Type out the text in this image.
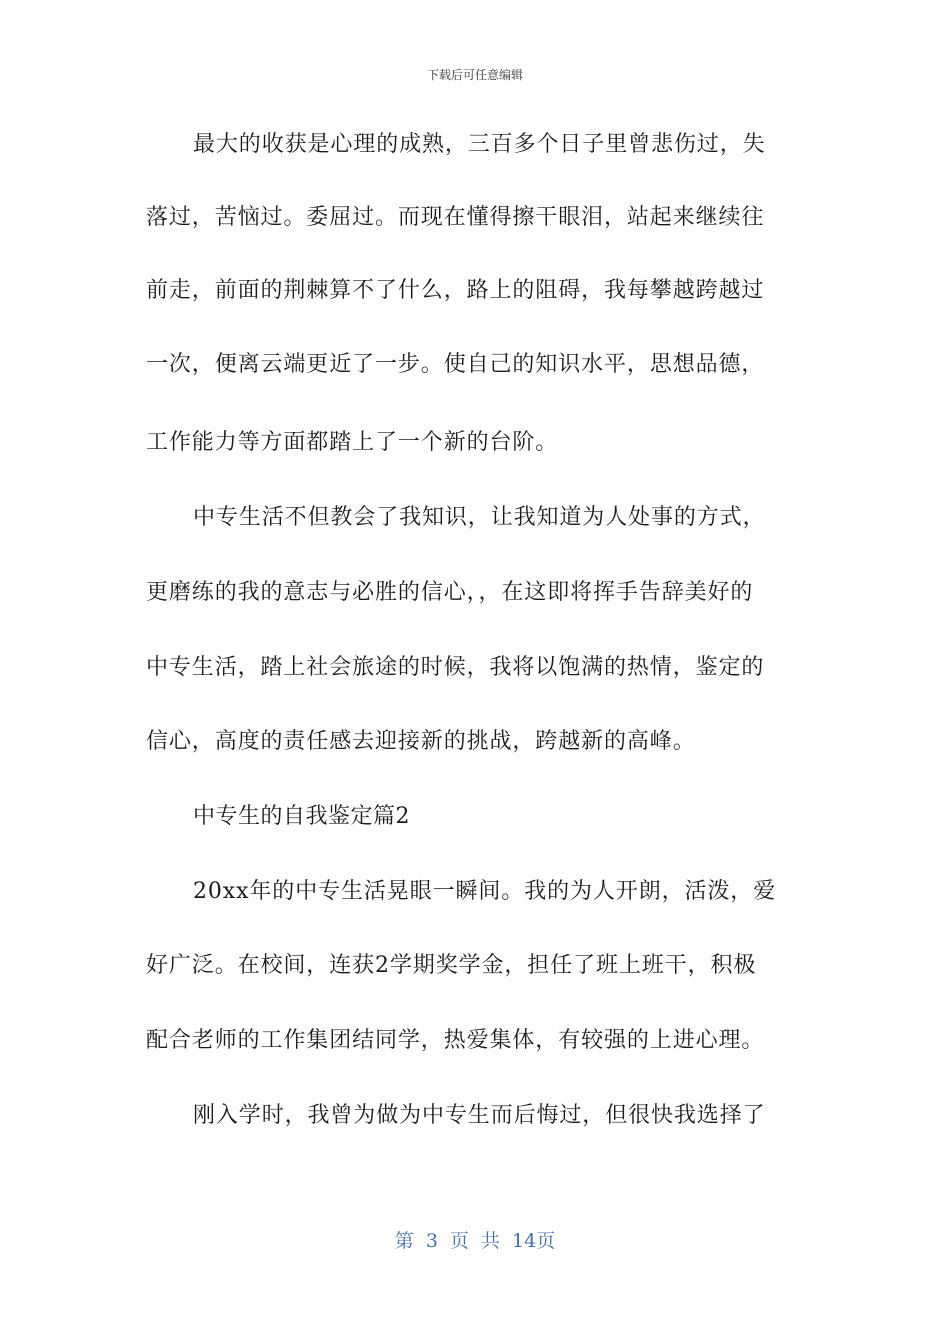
下载后可任意编辑
最大的收获是心理的成熟，三百多个日子里曾悲伤过，失
落过，苦恼过。委屈过。而现在懂得擦干眼泪，站起来继续往
前走，前面的荆棘算不了什么，路上的阻碍，我每攀越跨越过
一次，便离云端更近了一步。使自己的知识水平，思想品德，
工作能力等方面都踏上了一个新的台阶。
中专生活不但教会了我知识，让我知道为人处事的方式，
更磨练的我的意志与必胜的信心，，在这即将挥手告辞美好的
中专生活，踏上社会旅途的时候，我将以饱满的热情，鉴定的
信心，高度的责任感去迎接新的挑战，跨越新的高峰。
中专生的自我鉴定篇2
20xx年的中专生活晃眼一瞬间。我的为人开朗，活泼，爱
好广泛。在校间，连获2学期奖学金，担任了班上班干，积极
配合老师的工作集团结同学，热爱集体，有较强的上进心理。
刚入学时，我曾为做为中专生而后悔过，但很快我选择了
第 3 页 共 14页
